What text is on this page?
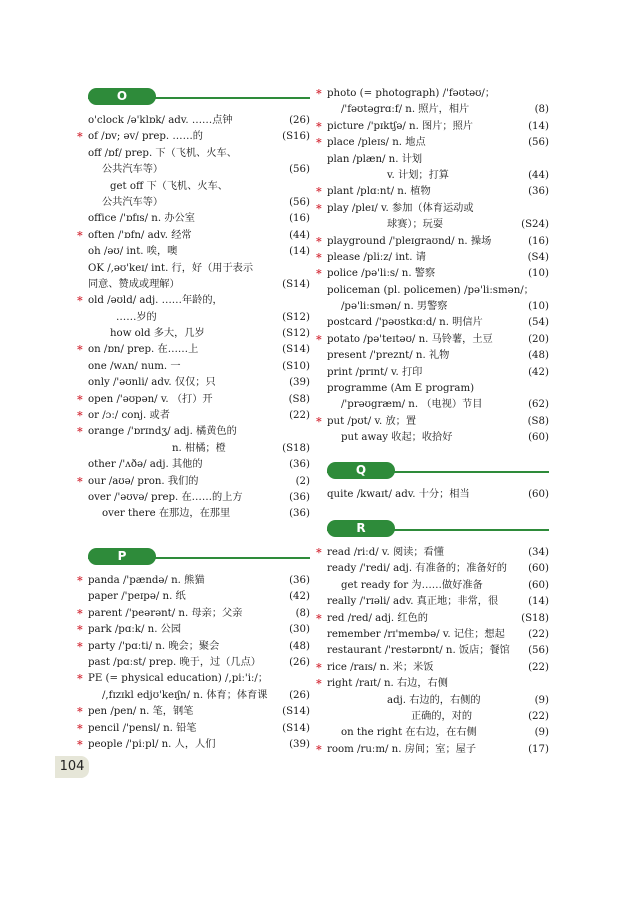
O
o'clock /ə'klɒk/ adv. ……点钟	(26)
* of /ɒv; əv/ prep. ……的	(S16)
off /ɒf/ prep. 下（飞机、火车、
公共汽车等）	(56)
get off 下（飞机、火车、
公共汽车等）	(56)
office /'ɒfɪs/ n. 办公室	(16)
* often /'ɒfn/ adv. 经常	(44)
oh /əʊ/ int. 唉，噢	(14)
OK /,əʊ'keɪ/ int. 行，好（用于表示
同意、赞成或理解）	(S14)
* old /əʊld/ adj. ……年龄的，
……岁的	(S12)
how old 多大，几岁	(S12)
* on /ɒn/ prep. 在……上	(S14)
one /wʌn/ num. 一	(S10)
only /'əʊnli/ adv. 仅仅；只	(39)
* open /'əʊpən/ v. （打）开	(S8)
* or /ɔː/ conj. 或者	(22)
* orange /'ɒrɪndʒ/ adj. 橘黄色的
n. 柑橘；橙	(S18)
other /'ʌðə/ adj. 其他的	(36)
* our /aʊə/ pron. 我们的	(2)
over /'əʊvə/ prep. 在……的上方	(36)
over there 在那边，在那里	(36)
P
* panda /'pændə/ n. 熊猫	(36)
paper /'peɪpə/ n. 纸	(42)
* parent /'peərənt/ n. 母亲；父亲	(8)
* park /pɑːk/ n. 公园	(30)
* party /'pɑːti/ n. 晚会；聚会	(48)
past /pɑːst/ prep. 晚于，过（几点）	(26)
* PE (= physical education) /,piː'iː/；
/,fɪzɪkl edjʊ'keɪʃn/ n. 体育；体育课 (26)
* pen /pen/ n. 笔，钢笔	(S14)
* pencil /'pensl/ n. 铅笔	(S14)
* people /'piːpl/ n. 人，人们	(39)
* photo (= photograph) /'fəʊtəʊ/；
/'fəʊtəgrɑːf/ n. 照片，相片	(8)
* picture /'pɪktʃə/ n. 图片；照片	(14)
* place /pleɪs/ n. 地点	(56)
plan /plæn/ n. 计划
v. 计划；打算	(44)
* plant /plɑːnt/ n. 植物	(36)
* play /pleɪ/ v. 参加（体育运动或
球赛）；玩耍	(S24)
* playground /'pleɪgraʊnd/ n. 操场	(16)
* please /pliːz/ int. 请	(S4)
* police /pə'liːs/ n. 警察	(10)
policeman (pl. policemen) /pə'liːsmən/；
/pə'liːsmən/ n. 男警察	(10)
postcard /'pəʊstkɑːd/ n. 明信片	(54)
* potato /pə'teɪtəʊ/ n. 马铃薯，土豆	(20)
present /'preznt/ n. 礼物	(48)
print /prɪnt/ v. 打印	(42)
programme (Am E program)
/'prəʊgræm/ n. （电视）节目	(62)
* put /pʊt/ v. 放；置	(S8)
put away 收起；收拾好	(60)
Q
quite /kwaɪt/ adv. 十分；相当	(60)
R
* read /riːd/ v. 阅读；看懂	(34)
ready /'redi/ adj. 有准备的；准备好的 (60)
get ready for 为……做好准备	(60)
really /'rɪəli/ adv. 真正地；非常，很	(14)
* red /red/ adj. 红色的	(S18)
remember /rɪ'membə/ v. 记住；想起 (22)
restaurant /'restərɒnt/ n. 饭店；餐馆 (56)
* rice /raɪs/ n. 米；米饭	(22)
* right /raɪt/ n. 右边，右侧
adj. 右边的，右侧的	(9)
正确的，对的	(22)
on the right 在右边，在右侧	(9)
* room /ruːm/ n. 房间；室；屋子	(17)
104
